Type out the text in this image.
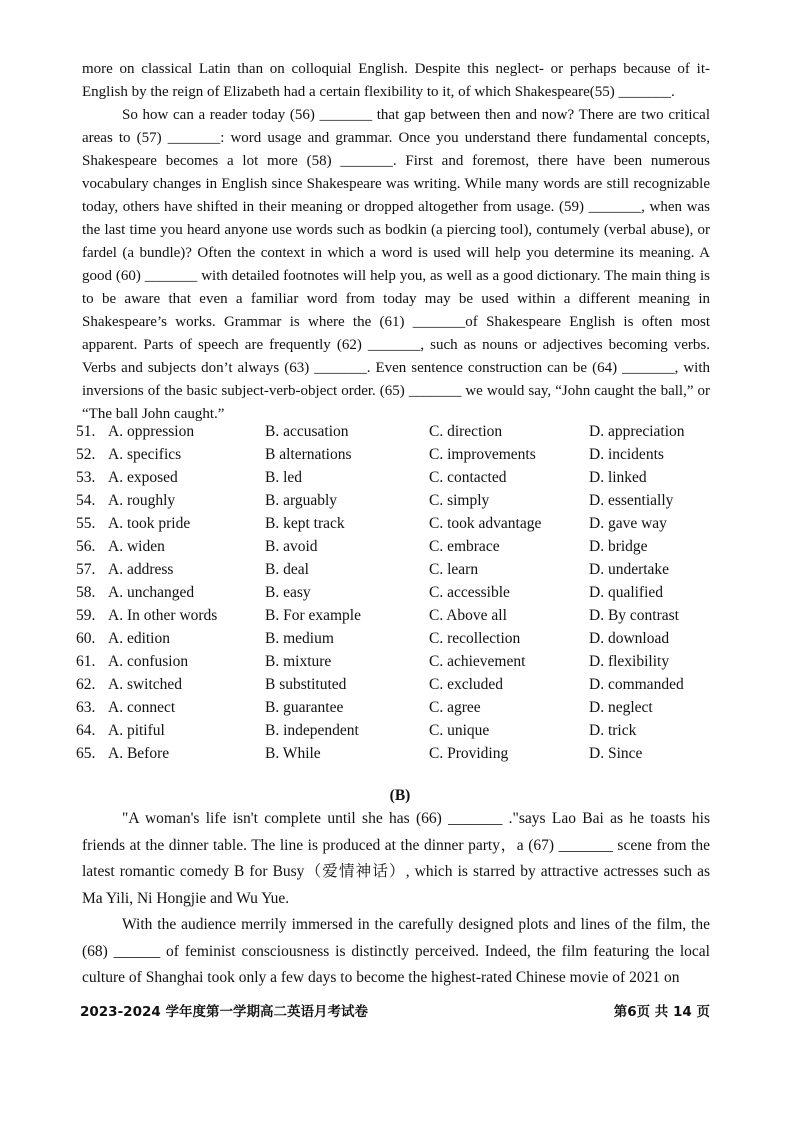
more on classical Latin than on colloquial English. Despite this neglect- or perhaps because of it- English by the reign of Elizabeth had a certain flexibility to it, of which Shakespeare(55) _______.

So how can a reader today (56) _______ that gap between then and now? There are two critical areas to (57) _______: word usage and grammar. Once you understand there fundamental concepts, Shakespeare becomes a lot more (58) _______. First and foremost, there have been numerous vocabulary changes in English since Shakespeare was writing. While many words are still recognizable today, others have shifted in their meaning or dropped altogether from usage. (59) _______, when was the last time you heard anyone use words such as bodkin (a piercing tool), contumely (verbal abuse), or fardel (a bundle)? Often the context in which a word is used will help you determine its meaning. A good (60) _______ with detailed footnotes will help you, as well as a good dictionary. The main thing is to be aware that even a familiar word from today may be used within a different meaning in Shakespeare’s works. Grammar is where the (61) _______of Shakespeare English is often most apparent. Parts of speech are frequently (62) _______, such as nouns or adjectives becoming verbs. Verbs and subjects don’t always (63) _______. Even sentence construction can be (64) _______, with inversions of the basic subject-verb-object order. (65) _______ we would say, “John caught the ball,” or “The ball John caught.”

51. A. oppression	B. accusation	C. direction	D. appreciation
52. A. specifics	B alternations	C. improvements	D. incidents
53. A. exposed	B. led	C. contacted	D. linked
54. A. roughly	B. arguably	C. simply	D. essentially
55. A. took pride	B. kept track	C. took advantage	D. gave way
56. A. widen	B. avoid	C. embrace	D. bridge
57. A. address	B. deal	C. learn	D. undertake
58. A. unchanged	B. easy	C. accessible	D. qualified
59. A. In other words	B. For example	C. Above all	D. By contrast
60. A. edition	B. medium	C. recollection	D. download
61. A. confusion	B. mixture	C. achievement	D. flexibility
62. A. switched	B substituted	C. excluded	D. commanded
63. A. connect	B. guarantee	C. agree	D. neglect
64. A. pitiful	B. independent	C. unique	D. trick
65. A. Before	B. While	C. Providing	D. Since
(B)

"A woman's life isn't complete until she has (66) _______ ."says Lao Bai as he toasts his friends at the dinner table. The line is produced at the dinner party，a (67) _______ scene from the latest romantic comedy B for Busy（爱情神话）, which is starred by attractive actresses such as Ma Yili, Ni Hongjie and Wu Yue.

With the audience merrily immersed in the carefully designed plots and lines of the film, the (68) ______ of feminist consciousness is distinctly perceived. Indeed, the film featuring the local culture of Shanghai took only a few days to become the highest-rated Chinese movie of 2021 on

2023-2024 学年度第一学期高二英语月考试卷	第6页 共 14 页
